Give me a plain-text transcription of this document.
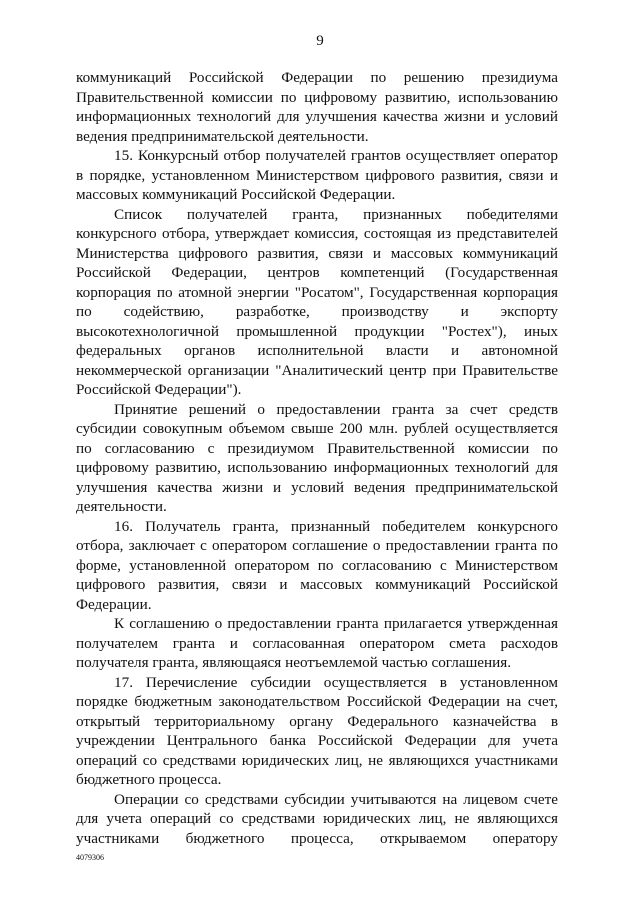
9

коммуникаций Российской Федерации по решению президиума Правительственной комиссии по цифровому развитию, использованию информационных технологий для улучшения качества жизни и условий ведения предпринимательской деятельности.

15. Конкурсный отбор получателей грантов осуществляет оператор в порядке, установленном Министерством цифрового развития, связи и массовых коммуникаций Российской Федерации.

Список получателей гранта, признанных победителями конкурсного отбора, утверждает комиссия, состоящая из представителей Министерства цифрового развития, связи и массовых коммуникаций Российской Федерации, центров компетенций (Государственная корпорация по атомной энергии "Росатом", Государственная корпорация по содействию, разработке, производству и экспорту высокотехнологичной промышленной продукции "Ростех"), иных федеральных органов исполнительной власти и автономной некоммерческой организации "Аналитический центр при Правительстве Российской Федерации").

Принятие решений о предоставлении гранта за счет средств субсидии совокупным объемом свыше 200 млн. рублей осуществляется по согласованию с президиумом Правительственной комиссии по цифровому развитию, использованию информационных технологий для улучшения качества жизни и условий ведения предпринимательской деятельности.

16. Получатель гранта, признанный победителем конкурсного отбора, заключает с оператором соглашение о предоставлении гранта по форме, установленной оператором по согласованию с Министерством цифрового развития, связи и массовых коммуникаций Российской Федерации.

К соглашению о предоставлении гранта прилагается утвержденная получателем гранта и согласованная оператором смета расходов получателя гранта, являющаяся неотъемлемой частью соглашения.

17. Перечисление субсидии осуществляется в установленном порядке бюджетным законодательством Российской Федерации на счет, открытый территориальному органу Федерального казначейства в учреждении Центрального банка Российской Федерации для учета операций со средствами юридических лиц, не являющихся участниками бюджетного процесса.

Операции со средствами субсидии учитываются на лицевом счете для учета операций со средствами юридических лиц, не являющихся участниками бюджетного процесса, открываемом оператору

4079306
